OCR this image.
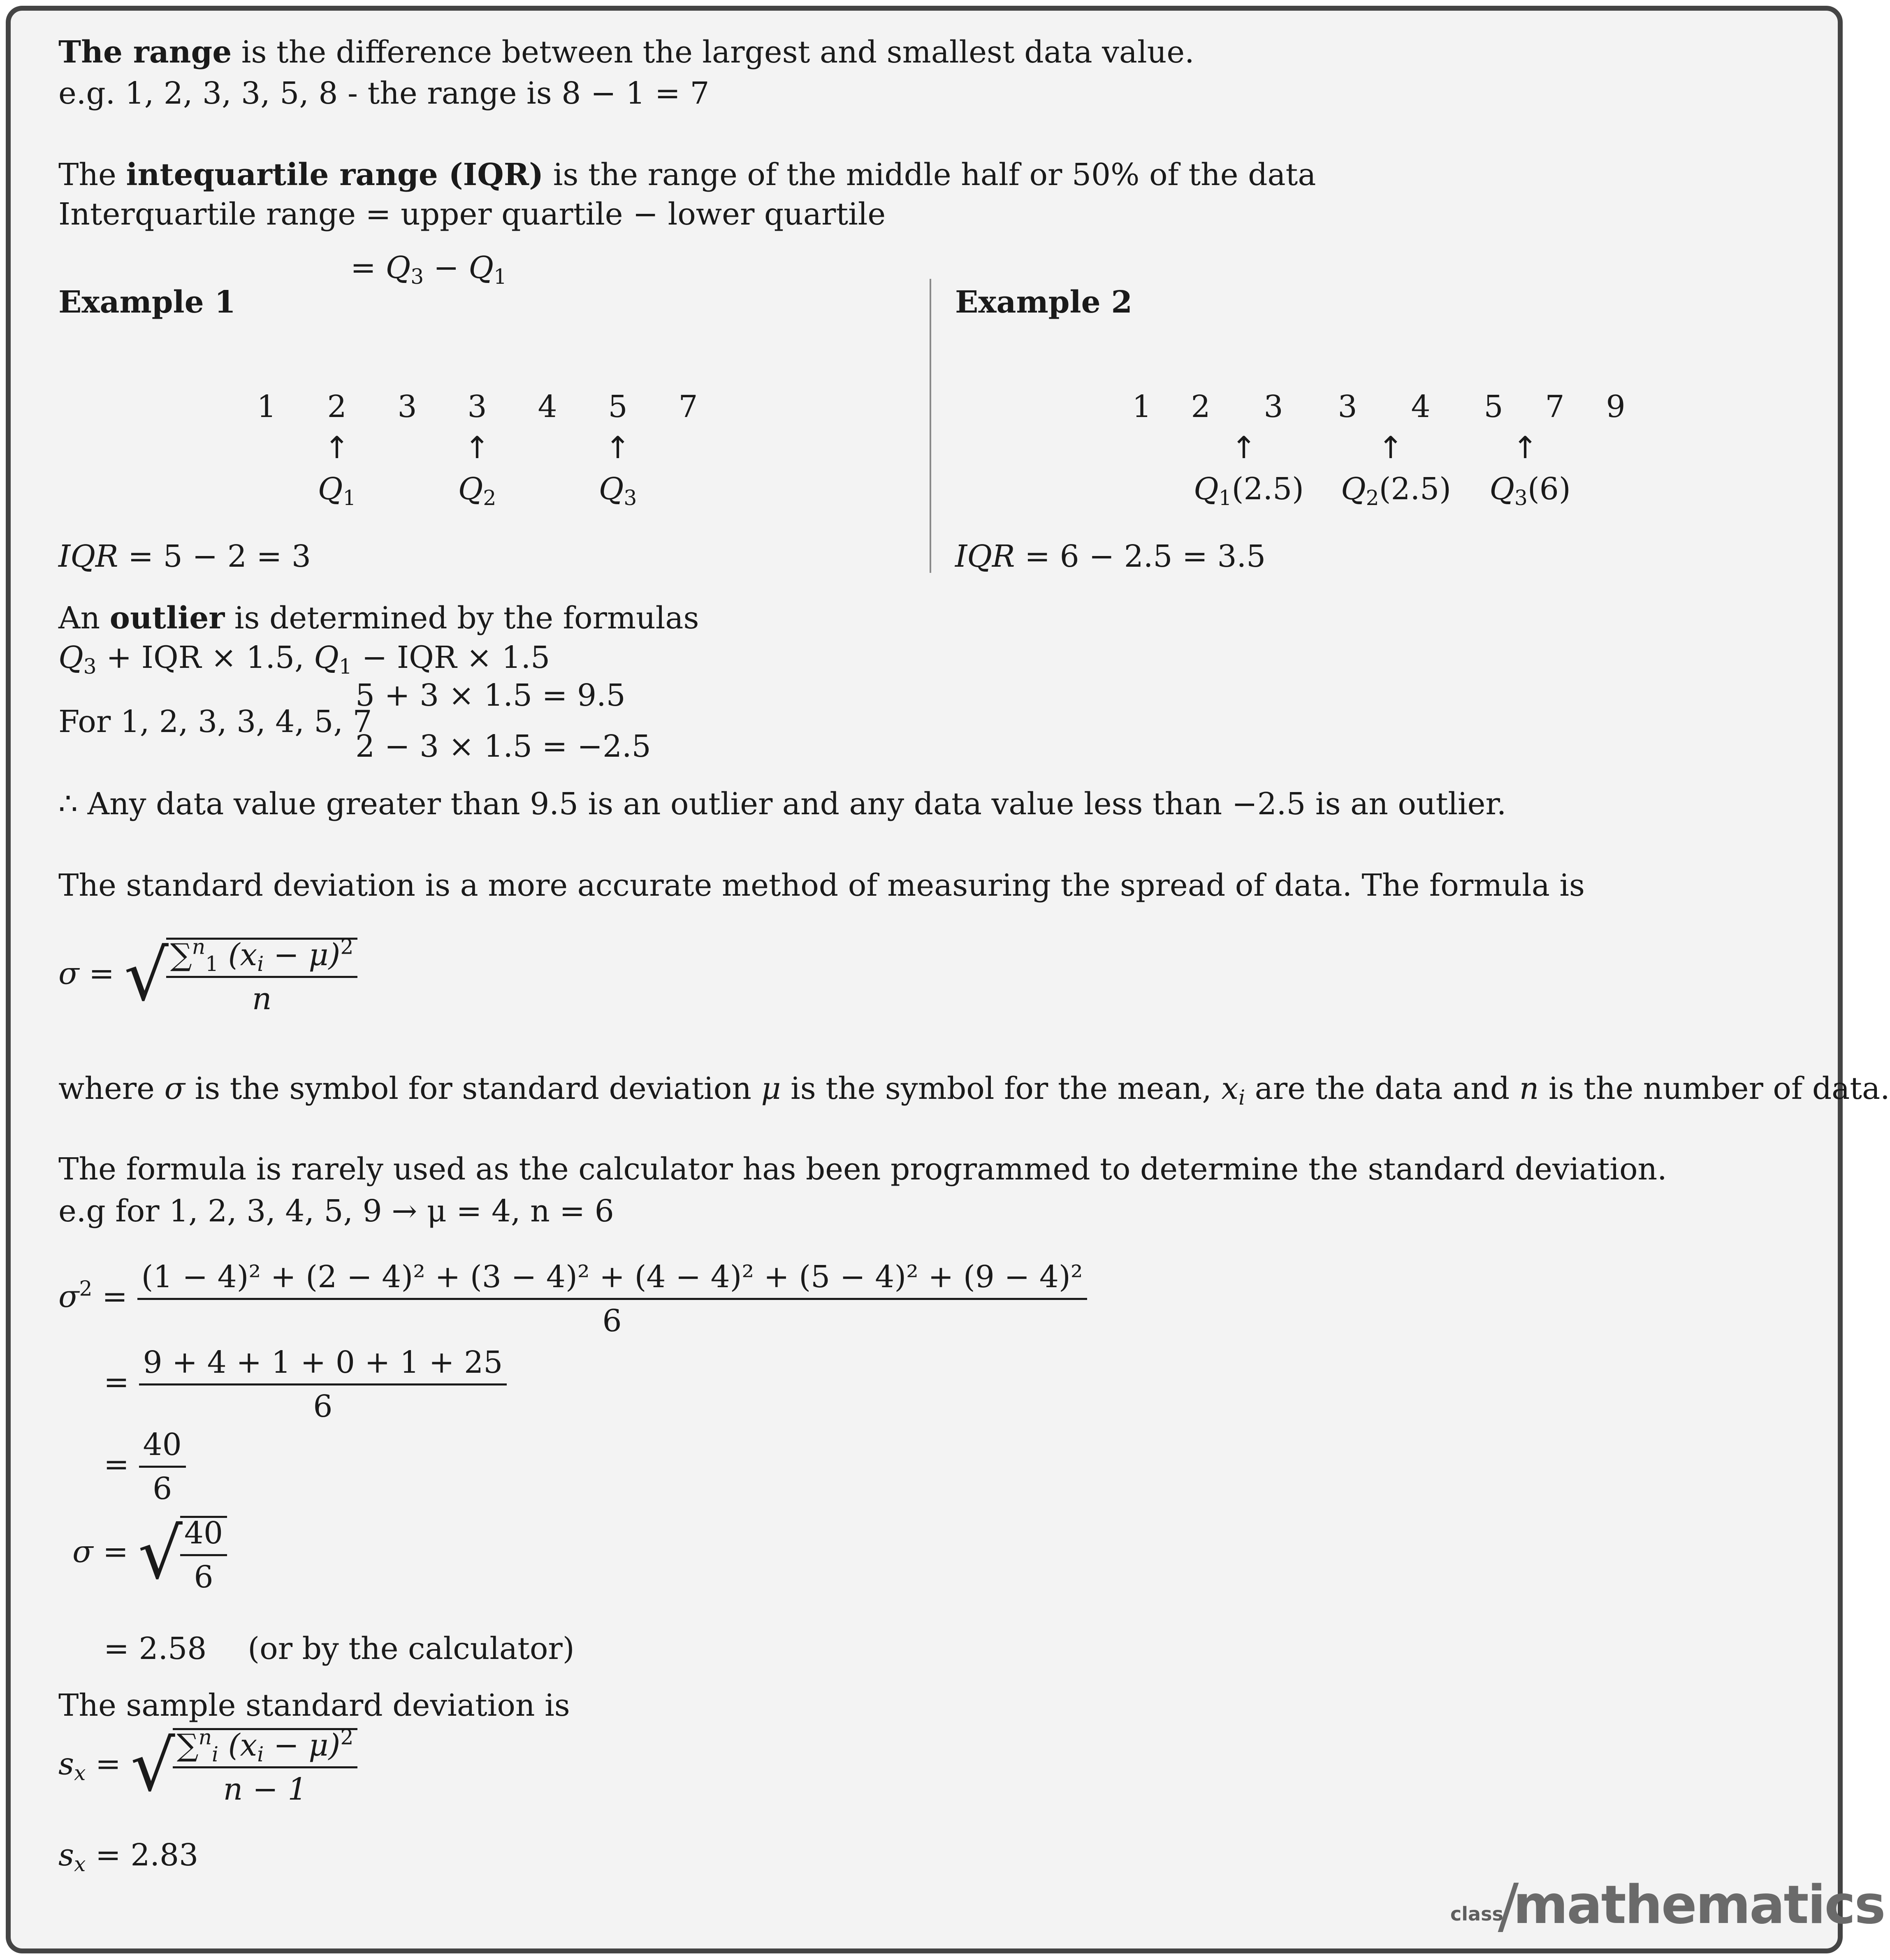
The range is the difference between the largest and smallest data value.
e.g. 1, 2, 3, 3, 5, 8 - the range is 8 − 1 = 7
The intequartile range (IQR) is the range of the middle half or 50% of the data
Interquartile range = upper quartile − lower quartile
= $Q_3 - Q_1$
Example 1
1 2 3 3 4 5 7
↑	↑	↑
$Q_1$	$Q_2$	$Q_3$
IQR = 5 − 2 = 3
Example 2
1 2 3 3 4 5 7 9
↑	↑	↑
$Q_1(2.5)$ $Q_2(2.5)$ $Q_3(6)$
IQR = 6 − 2.5 = 3.5
An outlier is determined by the formulas
$Q_3$ + IQR × 1.5, $Q_1$ − IQR × 1.5
For 1, 2, 3, 3, 4, 5, 7
5 + 3 × 1.5 = 9.5
2 − 3 × 1.5 = −2.5
∴ Any data value greater than 9.5 is an outlier and any data value less than −2.5 is an outlier.
The standard deviation is a more accurate method of measuring the spread of data. The formula is
σ = √
$\frac{\sum^n_1 (x_i - \mu)^2}{n}$
where σ is the symbol for standard deviation μ is the symbol for the mean, $x_i$ are the data and n is the number of data.
The formula is rarely used as the calculator has been programmed to determine the standard deviation.
e.g for 1, 2, 3, 4, 5, 9 → μ = 4, n = 6
$\sigma^2$ =
(1 − 4)² + (2 − 4)² + (3 − 4)² + (4 − 4)² + (5 − 4)² + (9 − 4)²
6
= $\frac{9 + 4 + 1 + 0 + 1 + 25}{6}$
= $\frac{40}{6}$
σ = √
$\frac{40}{6}$
= 2.58 (or by the calculator)
The sample standard deviation is
$s_x$ = √
$\frac{\sum^n_i (x_i - \mu)^2}{n - 1}$
$s_x = 2.83$
class mathematics
